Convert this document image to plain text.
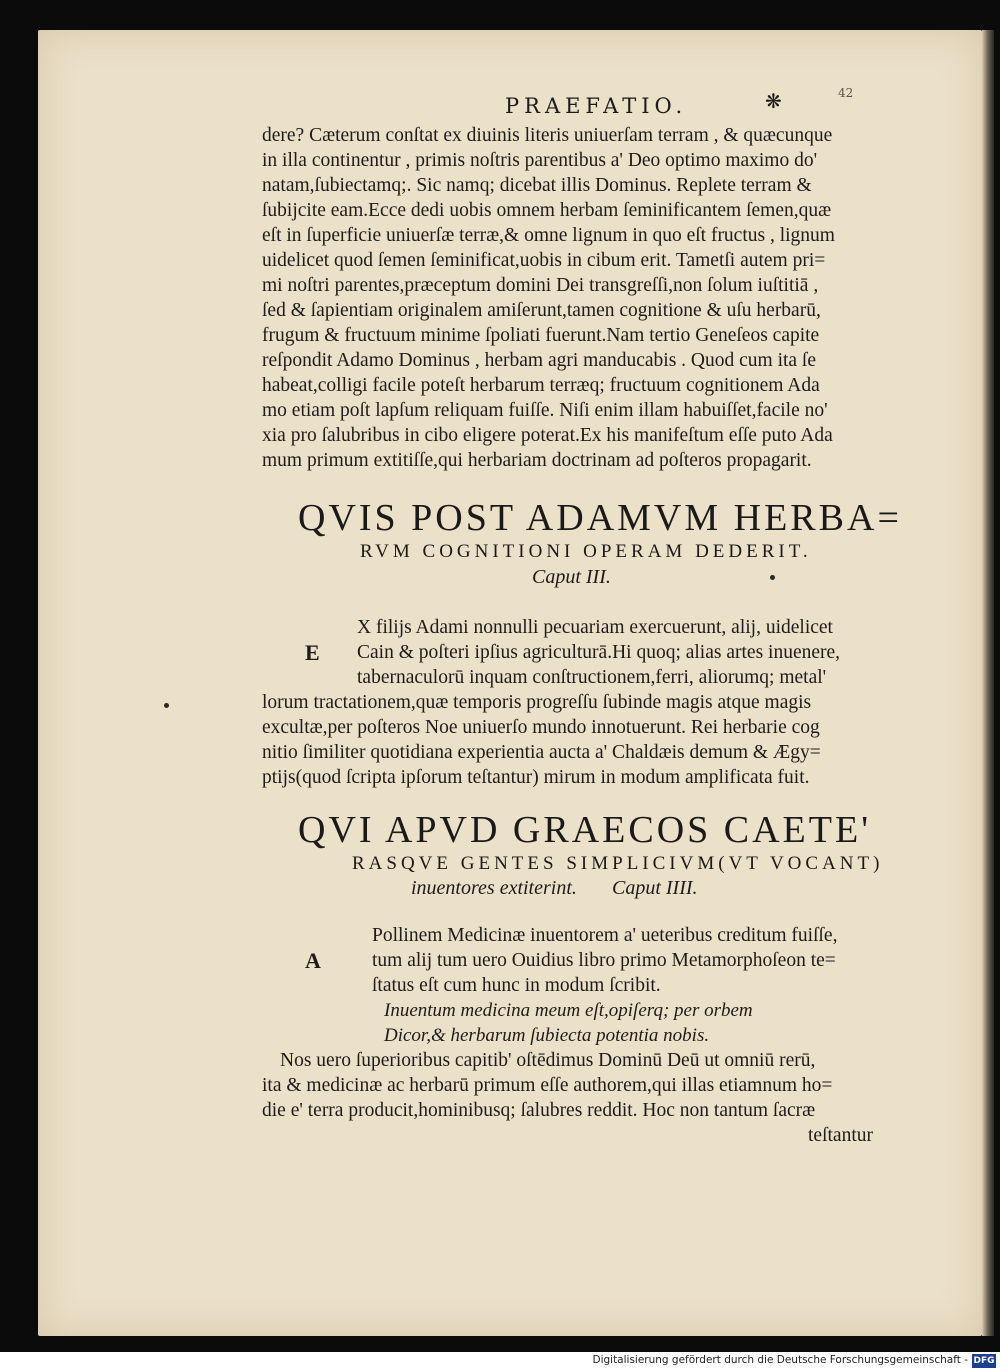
42
PRAEFATIO.	❋
dere? Cæterum conſtat ex diuinis literis uniuerſam terram , & quæcunque
in illa continentur , primis noſtris parentibus a' Deo optimo maximo do'
natam,ſubiectamq;. Sic namq; dicebat illis Dominus. Replete terram &
ſubijcite eam.Ecce dedi uobis omnem herbam ſeminificantem ſemen,quæ
eſt in ſuperficie uniuerſæ terræ,& omne lignum in quo eſt fructus , lignum
uidelicet quod ſemen ſeminificat,uobis in cibum erit. Tametſi autem pri=
mi noſtri parentes,præceptum domini Dei transgreſſi,non ſolum iuſtitiā ,
ſed & ſapientiam originalem amiſerunt,tamen cognitione & uſu herbarū,
frugum & fructuum minime ſpoliati fuerunt.Nam tertio Geneſeos capite
reſpondit Adamo Dominus , herbam agri manducabis . Quod cum ita ſe
habeat,colligi facile poteſt herbarum terræq; fructuum cognitionem Ada
mo etiam poſt lapſum reliquam fuiſſe. Niſi enim illam habuiſſet,facile no'
xia pro ſalubribus in cibo eligere poterat.Ex his manifeſtum eſſe puto Ada
mum primum extitiſſe,qui herbariam doctrinam ad poſteros propagarit.
QVIS POST ADAMVM HERBA=
RVM COGNITIONI OPERAM DEDERIT.
Caput III.
E
X filijs Adami nonnulli pecuariam exercuerunt, alij, uidelicet
Cain & poſteri ipſius agriculturā.Hi quoq; alias artes inuenere,
tabernaculorū inquam conſtructionem,ferri, aliorumq; metal'
lorum tractationem,quæ temporis progreſſu ſubinde magis atque magis
excultæ,per poſteros Noe uniuerſo mundo innotuerunt. Rei herbarie cog
nitio ſimiliter quotidiana experientia aucta a' Chaldæis demum & Ægy=
ptijs(quod ſcripta ipſorum teſtantur) mirum in modum amplificata fuit.
QVI APVD GRAECOS CAETE'
RASQVE GENTES SIMPLICIVM(VT VOCANT)
inuentores extiterint. Caput IIII.
A
Pollinem Medicinæ inuentorem a' ueteribus creditum fuiſſe,
tum alij tum uero Ouidius libro primo Metamorphoſeon te=
ſtatus eſt cum hunc in modum ſcribit.
Inuentum medicina meum eſt,opiſerq; per orbem
Dicor,& herbarum ſubiecta potentia nobis.
Nos uero ſuperioribus capitib' oſtēdimus Dominū Deū ut omniū rerū,
ita & medicinæ ac herbarū primum eſſe authorem,qui illas etiamnum ho=
die e' terra producit,hominibusq; ſalubres reddit. Hoc non tantum ſacræ
teſtantur
Digitalisierung gefördert durch die Deutsche Forschungsgemeinschaft - DFG
